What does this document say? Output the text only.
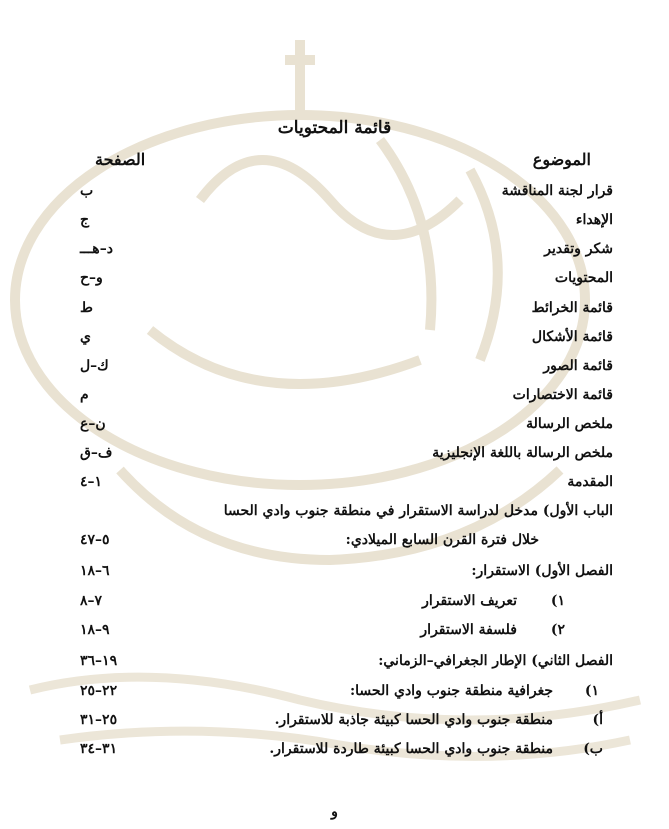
قائمة المحتويات
الموضوع
الصفحة
قرار لجنة المناقشة
ب
الإهداء
ج
شكر وتقدير
د–هـــ
المحتويات
و–ح
قائمة الخرائط
ط
قائمة الأشكال
ي
قائمة الصور
ك–ل
قائمة الاختصارات
م
ملخص الرسالة
ن–ع
ملخص الرسالة باللغة الإنجليزية
ف–ق
المقدمة
١–٤
الباب الأول) مدخل لدراسة الاستقرار في منطقة جنوب وادي الحسا
خلال فترة القرن السابع الميلادي:
٥–٤٧
الفصل الأول) الاستقرار:
٦–١٨
١)
تعريف الاستقرار
٧–٨
٢)
فلسفة الاستقرار
٩–١٨
الفصل الثاني) الإطار الجغرافي–الزماني:
١٩–٣٦
١)
جغرافية منطقة جنوب وادي الحسا:
٢٢–٢٥
أ)
منطقة جنوب وادي الحسا كبيئة جاذبة للاستقرار.
٢٥–٣١
ب)
منطقة جنوب وادي الحسا كبيئة طاردة للاستقرار.
٣١–٣٤
و
